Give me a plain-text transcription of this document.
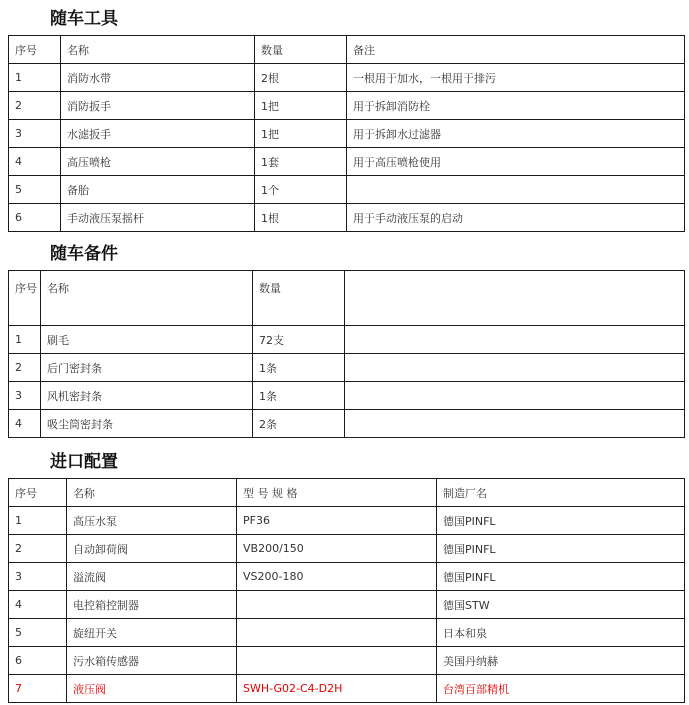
随车工具
序号	名称	数量	备注
1	消防水带	2根	一根用于加水，一根用于排污
2	消防扳手	1把	用于拆卸消防栓
3	水滤扳手	1把	用于拆卸水过滤器
4	高压喷枪	1套	用于高压喷枪使用
5	备胎	1个	
6	手动液压泵摇杆	1根	用于手动液压泵的启动
随车备件
序号	名称	数量	
1	刷毛	72支	
2	后门密封条	1条	
3	风机密封条	1条	
4	吸尘筒密封条	2条	
进口配置
序号	名称	型 号 规 格	制造厂名
1	高压水泵	PF36	德国PINFL
2	自动卸荷阀	VB200/150	德国PINFL
3	溢流阀	VS200-180	德国PINFL
4	电控箱控制器		德国STW
5	旋纽开关		日本和泉
6	污水箱传感器		美国丹纳赫
7	液压阀	SWH-G02-C4-D2H	台湾百部精机
